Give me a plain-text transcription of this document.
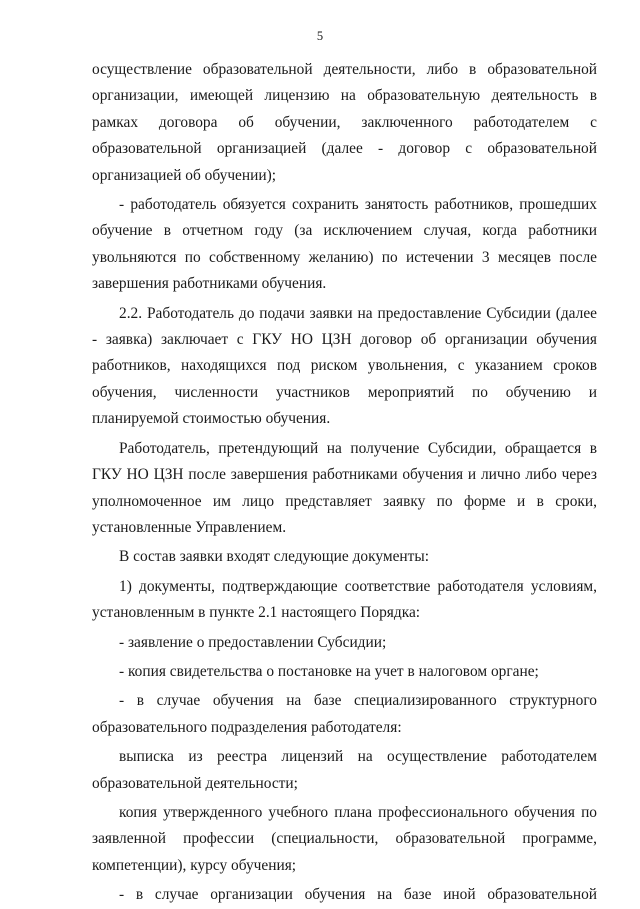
5

осуществление образовательной деятельности, либо в образовательной организации, имеющей лицензию на образовательную деятельность в рамках договора об обучении, заключенного работодателем с образовательной организацией (далее - договор с образовательной организацией об обучении);

- работодатель обязуется сохранить занятость работников, прошедших обучение в отчетном году (за исключением случая, когда работники увольняются по собственному желанию) по истечении 3 месяцев после завершения работниками обучения.

2.2. Работодатель до подачи заявки на предоставление Субсидии (далее - заявка) заключает с ГКУ НО ЦЗН договор об организации обучения работников, находящихся под риском увольнения, с указанием сроков обучения, численности участников мероприятий по обучению и планируемой стоимостью обучения.

Работодатель, претендующий на получение Субсидии, обращается в ГКУ НО ЦЗН после завершения работниками обучения и лично либо через уполномоченное им лицо представляет заявку по форме и в сроки, установленные Управлением.

В состав заявки входят следующие документы:

1) документы, подтверждающие соответствие работодателя условиям, установленным в пункте 2.1 настоящего Порядка:

- заявление о предоставлении Субсидии;

- копия свидетельства о постановке на учет в налоговом органе;

- в случае обучения на базе специализированного структурного образовательного подразделения работодателя:

выписка из реестра лицензий на осуществление работодателем образовательной деятельности;

копия утвержденного учебного плана профессионального обучения по заявленной профессии (специальности, образовательной программе, компетенции), курсу обучения;

- в случае организации обучения на базе иной образовательной
